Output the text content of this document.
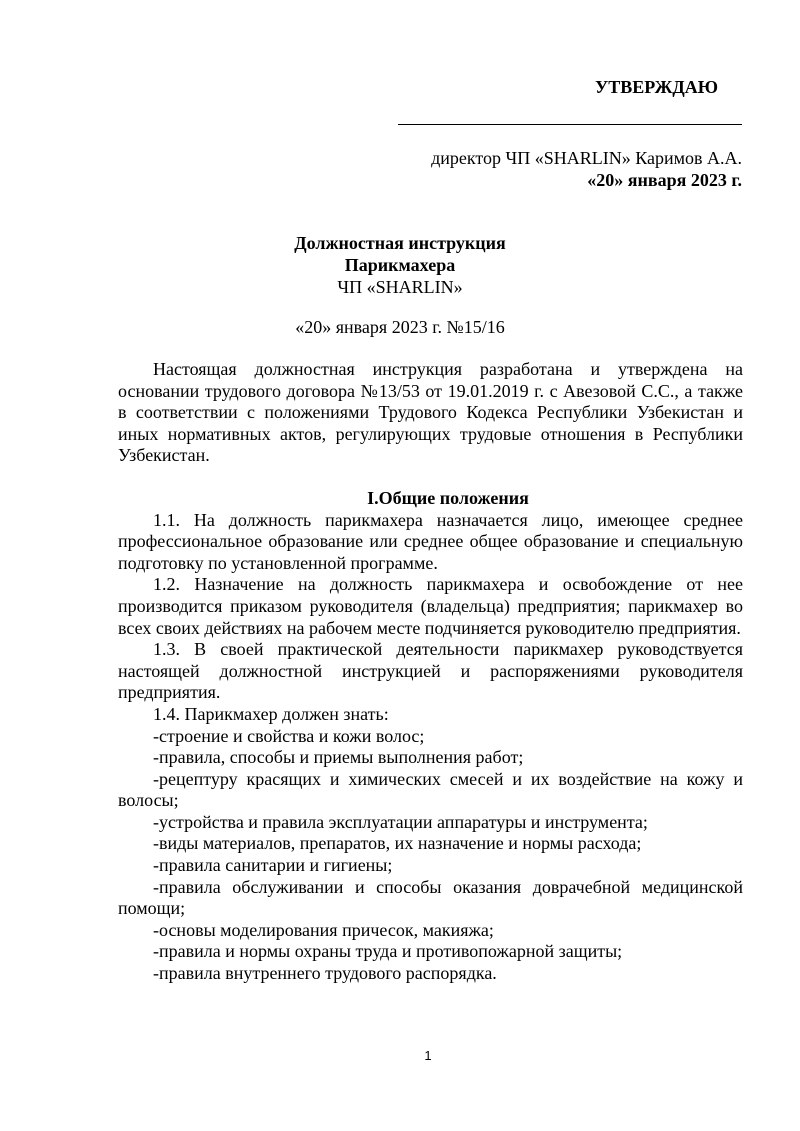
УТВЕРЖДАЮ
директор ЧП «SHARLIN» Каримов А.А.
«20» января 2023 г.
Должностная инструкция
Парикмахера
ЧП «SHARLIN»
«20» января 2023 г. №15/16

Настоящая должностная инструкция разработана и утверждена на основании трудового договора №13/53 от 19.01.2019 г. с Авезовой С.С., а также в соответствии с положениями Трудового Кодекса Республики Узбекистан и иных нормативных актов, регулирующих трудовые отношения в Республики Узбекистан.

I.Общие положения

1.1. На должность парикмахера назначается лицо, имеющее среднее профессиональное образование или среднее общее образование и специальную подготовку по установленной программе.

1.2. Назначение на должность парикмахера и освобождение от нее производится приказом руководителя (владельца) предприятия; парикмахер во всех своих действиях на рабочем месте подчиняется руководителю предприятия.

1.3. В своей практической деятельности парикмахер руководствуется настоящей должностной инструкцией и распоряжениями руководителя предприятия.

1.4. Парикмахер должен знать:

-строение и свойства и кожи волос;

-правила, способы и приемы выполнения работ;

-рецептуру красящих и химических смесей и их воздействие на кожу и волосы;

-устройства и правила эксплуатации аппаратуры и инструмента;

-виды материалов, препаратов, их назначение и нормы расхода;

-правила санитарии и гигиены;

-правила обслуживании и способы оказания доврачебной медицинской помощи;

-основы моделирования причесок, макияжа;

-правила и нормы охраны труда и противопожарной защиты;

-правила внутреннего трудового распорядка.

1
